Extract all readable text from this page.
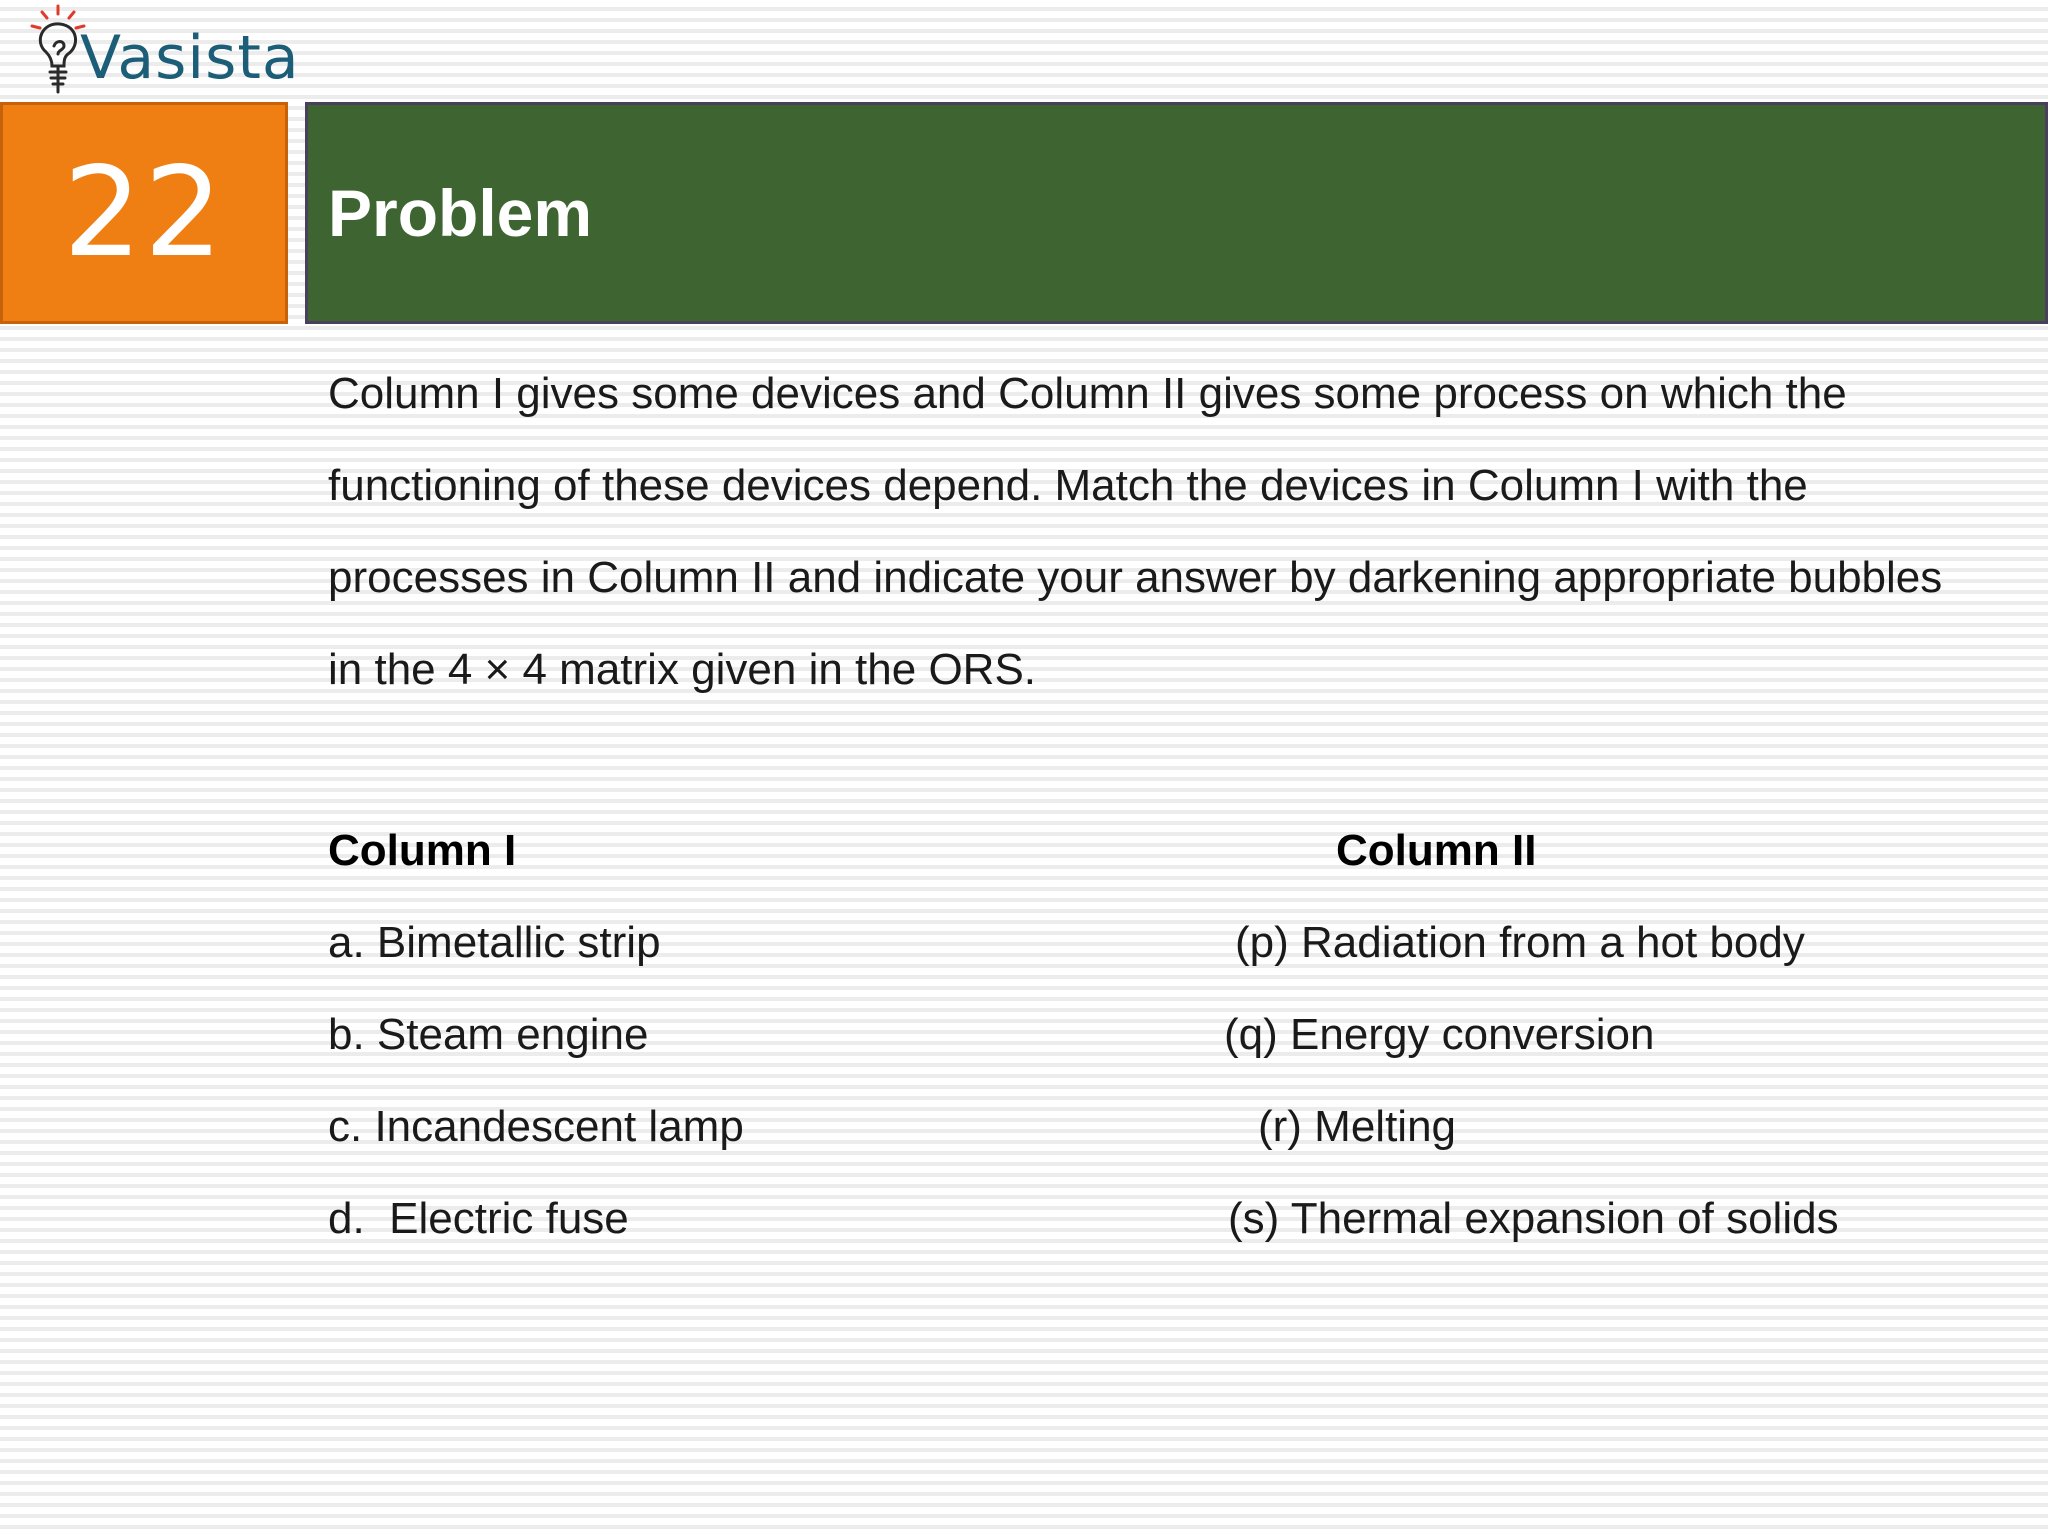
Vasista
22 Problem

Column I gives some devices and Column II gives some process on which the functioning of these devices depend. Match the devices in Column I with the processes in Column II and indicate your answer by darkening appropriate bubbles in the 4 × 4 matrix given in the ORS.

Column I	Column II
a. Bimetallic strip
b. Steam engine
c. Incandescent lamp
d.  Electric fuse
(p) Radiation from a hot body
(q) Energy conversion
(r) Melting
(s) Thermal expansion of solids
